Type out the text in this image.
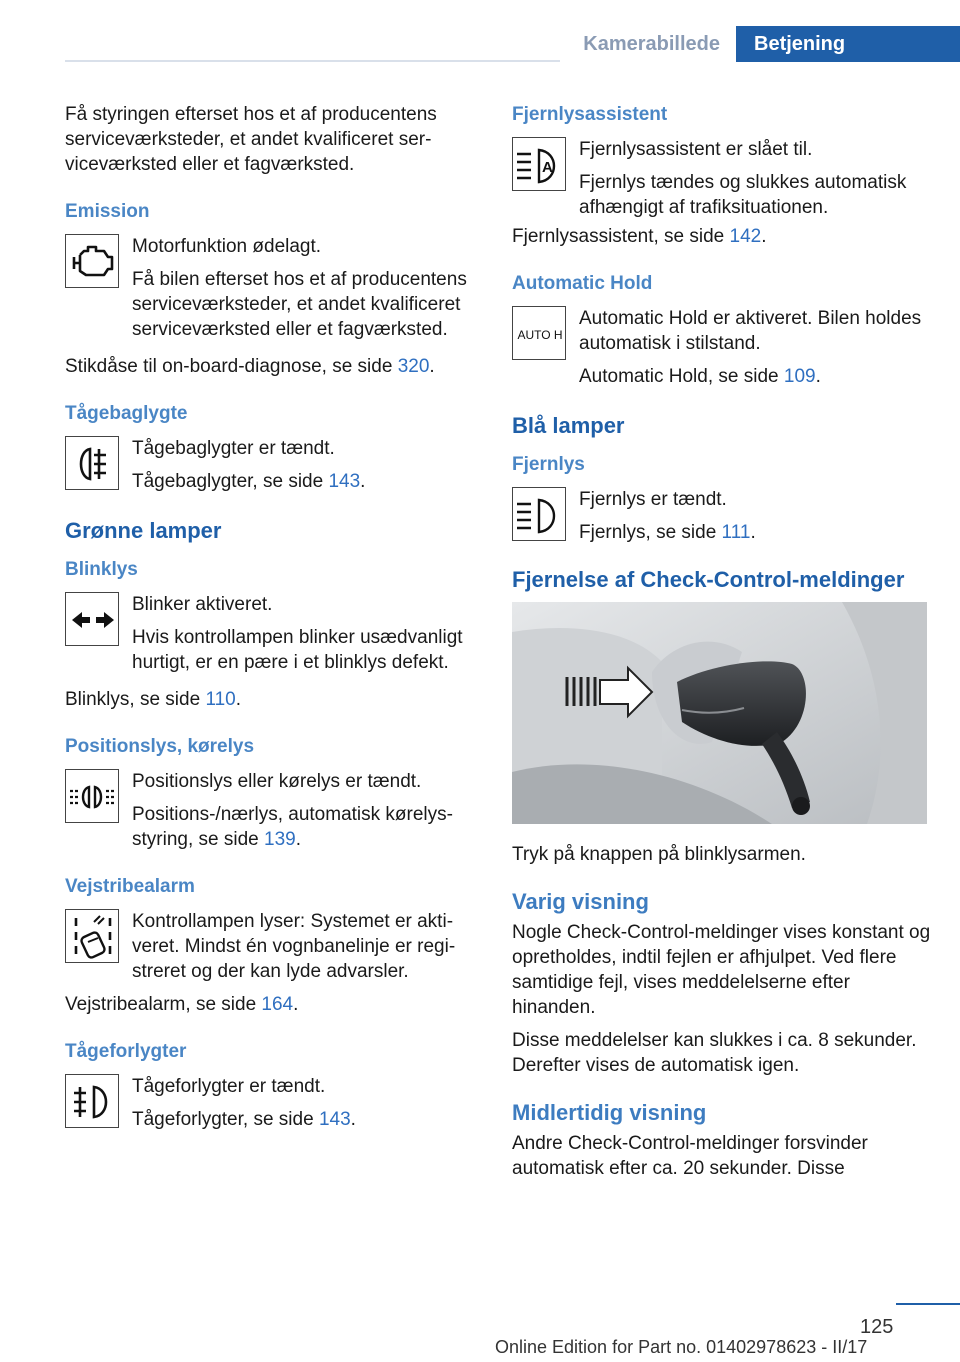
Kamerabillede	Betjening

Få styringen efterset hos et af producentens serviceværksteder, et andet kvalificeret serviceværksted eller et fagværksted.

Emission

Motorfunktion ødelagt.

Få bilen efterset hos et af producentens serviceværksteder, et andet kvalificeret serviceværksted eller et fagværksted.

Stikdåse til on-board-diagnose, se side 320.

Tågebaglygte

Tågebaglygter er tændt.

Tågebaglygter, se side 143.

Grønne lamper
Blinklys

Blinker aktiveret.

Hvis kontrollampen blinker usædvanligt hurtigt, er en pære i et blinklys defekt.

Blinklys, se side 110.

Positionslys, kørelys

Positionslys eller kørelys er tændt.

Positions-/nærlys, automatisk kørelysstyring, se side 139.

Vejstribealarm

Kontrollampen lyser: Systemet er aktiveret. Mindst én vognbanelinje er registreret og der kan lyde advarsler.

Vejstribealarm, se side 164.

Tågeforlygter

Tågeforlygter er tændt.

Tågeforlygter, se side 143.

Fjernlysassistent
A

Fjernlysassistent er slået til.

Fjernlys tændes og slukkes automatisk afhængigt af trafiksituationen.

Fjernlysassistent, se side 142.

Automatic Hold
AUTO H

Automatic Hold er aktiveret. Bilen holdes automatisk i stilstand.

Automatic Hold, se side 109.

Blå lamper
Fjernlys

Fjernlys er tændt.

Fjernlys, se side 111.

Fjernelse af Check-Control-meldinger

Tryk på knappen på blinklysarmen.

Varig visning

Nogle Check-Control-meldinger vises konstant og opretholdes, indtil fejlen er afhjulpet. Ved flere samtidige fejl, vises meddelelserne efter hinanden.

Disse meddelelser kan slukkes i ca. 8 sekunder. Derefter vises de automatisk igen.

Midlertidig visning

Andre Check-Control-meldinger forsvinder automatisk efter ca. 20 sekunder. Disse

125
Online Edition for Part no. 01402978623 - II/17
